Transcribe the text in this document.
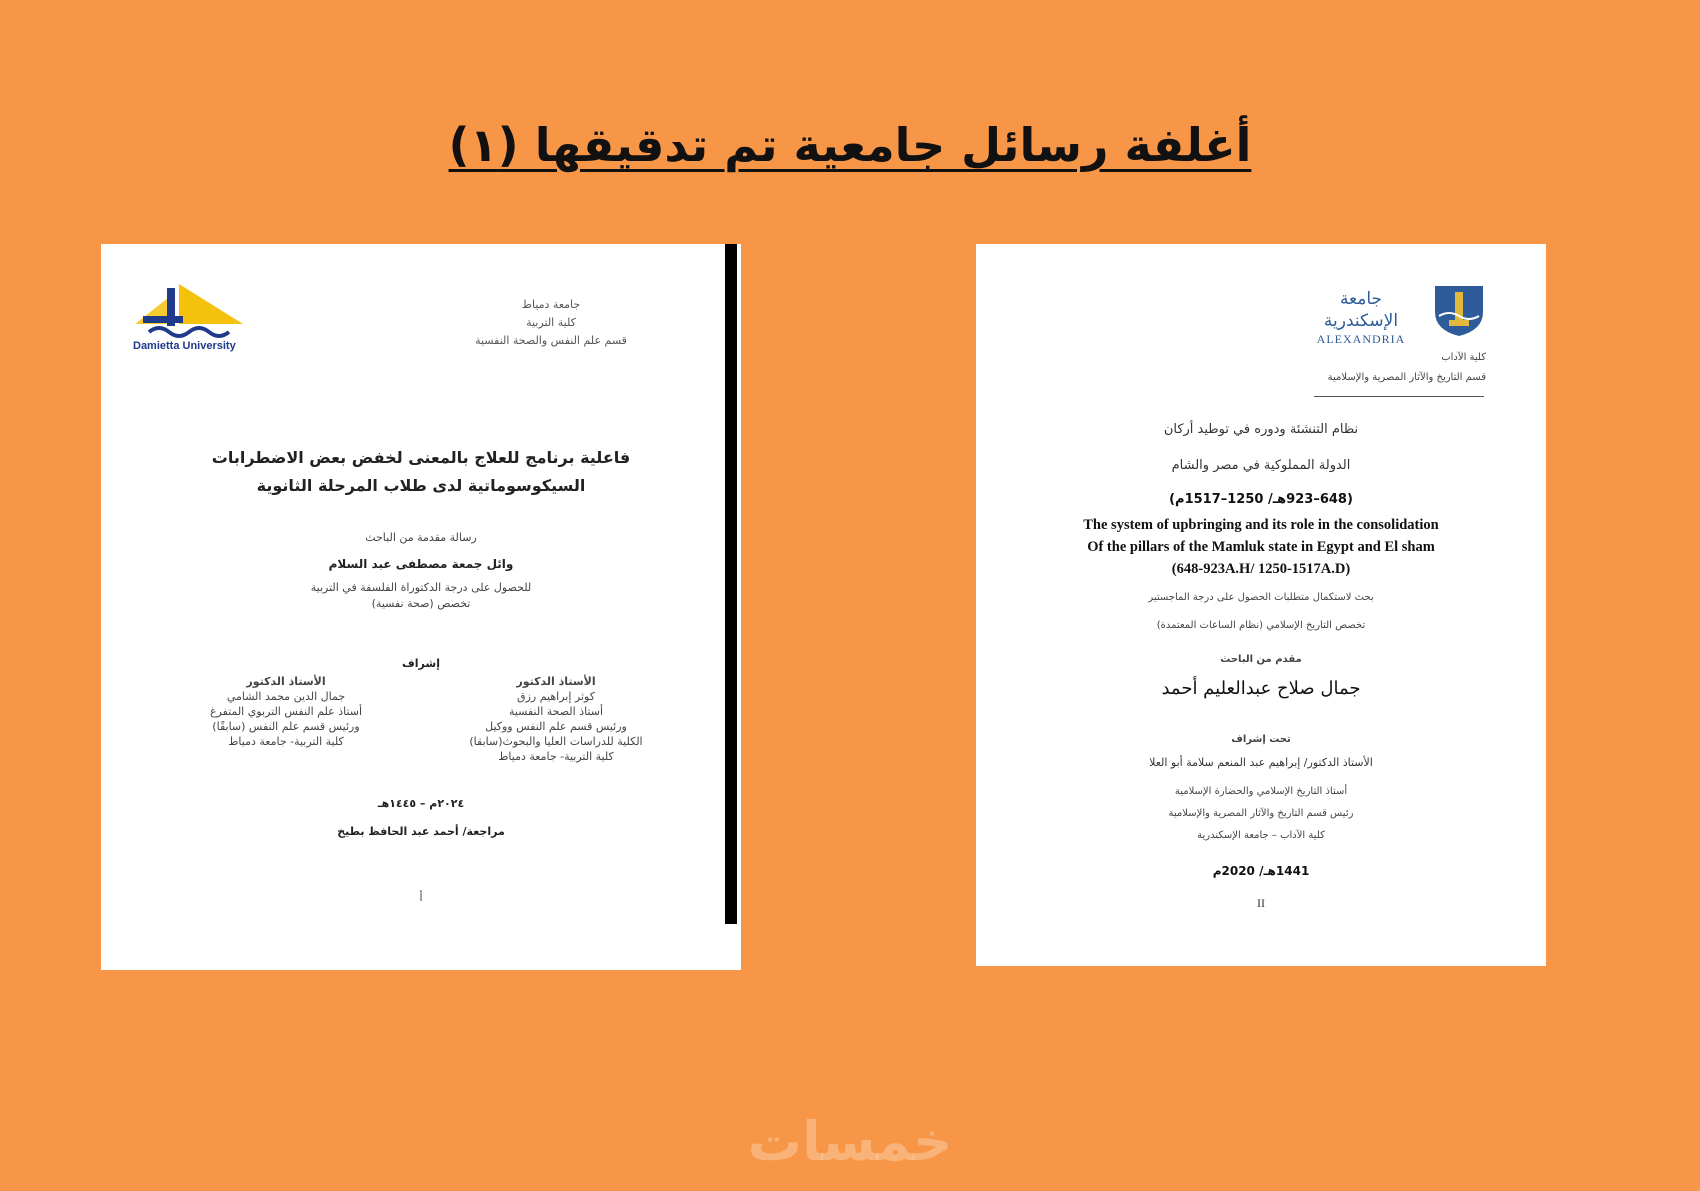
أغلفة رسائل جامعية تم تدقيقها (١)
Damietta University
جامعة دمياط
كلية التربية
قسم علم النفس والصحة النفسية
فاعلية برنامج للعلاج بالمعنى لخفض بعض الاضطرابات
السيكوسوماتية لدى طلاب المرحلة الثانوية
رسالة مقدمة من الباحث
وائل جمعة مصطفى عبد السلام
للحصول على درجة الدكتوراة الفلسفة في التربية
تخصص (صحة نفسية)
إشراف
الأستاذ الدكتور
كوثر إبراهيم رزق
أستاذ الصحة النفسية
ورئيس قسم علم النفس ووكيل
الكلية للدراسات العليا والبحوث(سابقا)
كلية التربية- جامعة دمياط
الأستاذ الدكتور
جمال الدين محمد الشامي
أستاذ علم النفس التربوي المتفرغ
ورئيس قسم علم النفس (سابقًا)
كلية التربية- جامعة دمياط
٢٠٢٤م – ١٤٤٥هـ
مراجعة/ أحمد عبد الحافظ بطيخ
أ
جامعة الإسكندرية
ALEXANDRIA
كلية الآداب
قسم التاريخ والآثار المصرية والإسلامية
نظام التنشئة ودوره في توطيد أركان
الدولة المملوكية في مصر والشام
(648–923هـ/ 1250–1517م)
The system of upbringing and its role in the consolidation
Of the pillars of the Mamluk state in Egypt and El sham
(648-923A.H/ 1250-1517A.D)
بحث لاستكمال متطلبات الحصول على درجة الماجستير
تخصص التاريخ الإسلامي (نظام الساعات المعتمدة)
مقدم من الباحث
جمال صلاح عبدالعليم أحمد
تحت إشراف
الأستاذ الدكتور/ إبراهيم عبد المنعم سلامة أبو العلا
أستاذ التاريخ الإسلامي والحضارة الإسلامية
رئيس قسم التاريخ والآثار المصرية والإسلامية
كلية الآداب – جامعة الإسكندرية
1441هـ/ 2020م
II
خمسات
